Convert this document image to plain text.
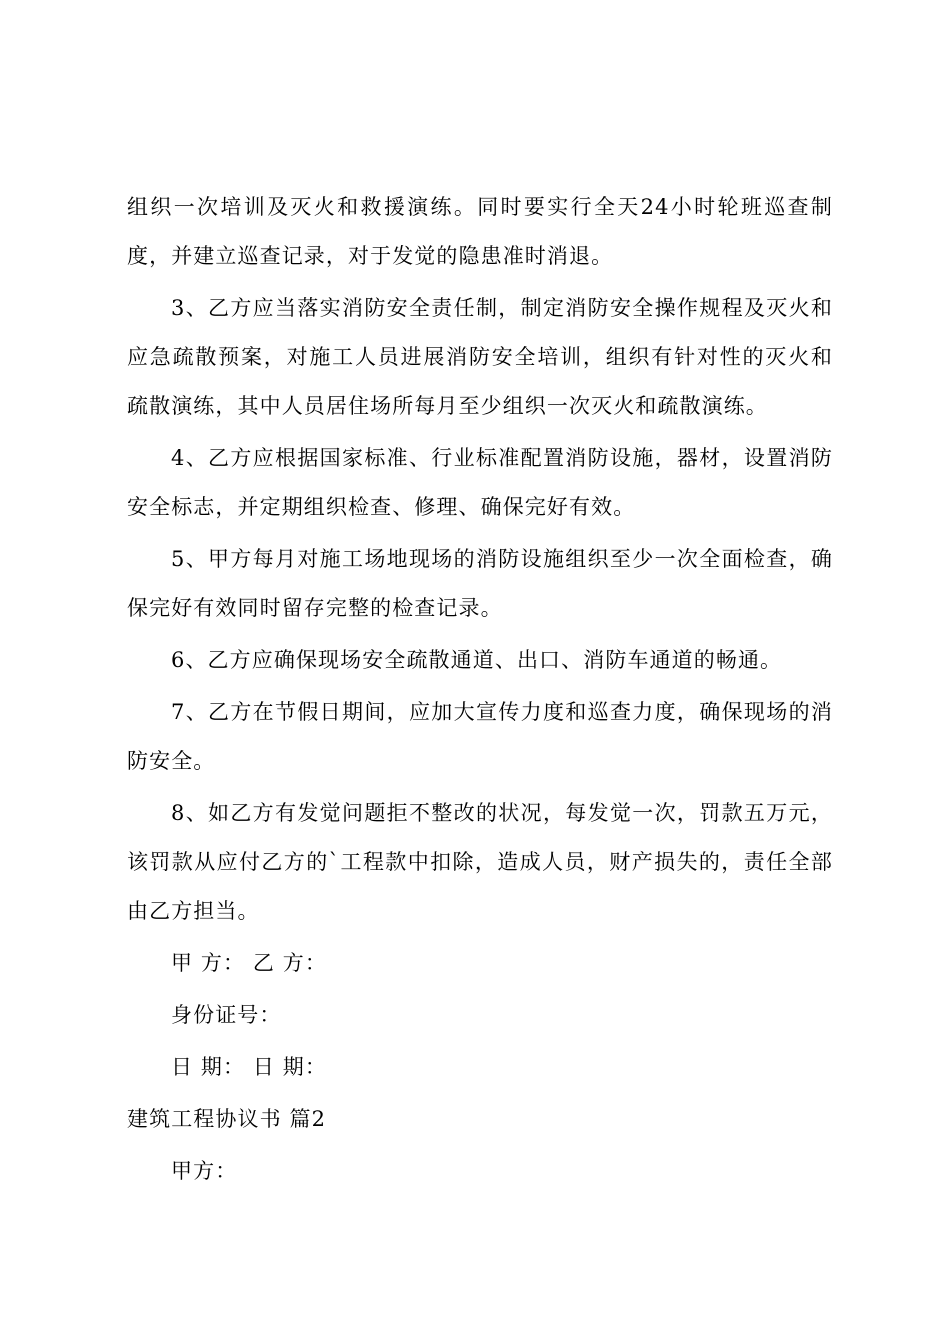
组织一次培训及灭火和救援演练。同时要实行全天24小时轮班巡查制度，并建立巡查记录，对于发觉的隐患准时消退。

3、乙方应当落实消防安全责任制，制定消防安全操作规程及灭火和应急疏散预案，对施工人员进展消防安全培训，组织有针对性的灭火和疏散演练，其中人员居住场所每月至少组织一次灭火和疏散演练。

4、乙方应根据国家标准、行业标准配置消防设施，器材，设置消防安全标志，并定期组织检查、修理、确保完好有效。

5、甲方每月对施工场地现场的消防设施组织至少一次全面检查，确保完好有效同时留存完整的检查记录。

6、乙方应确保现场安全疏散通道、出口、消防车通道的畅通。

7、乙方在节假日期间，应加大宣传力度和巡查力度，确保现场的消防安全。

8、如乙方有发觉问题拒不整改的状况，每发觉一次，罚款五万元，该罚款从应付乙方的`工程款中扣除，造成人员，财产损失的，责任全部由乙方担当。

甲 方： 乙 方：

身份证号：

日 期： 日 期：

建筑工程协议书 篇2

甲方：
